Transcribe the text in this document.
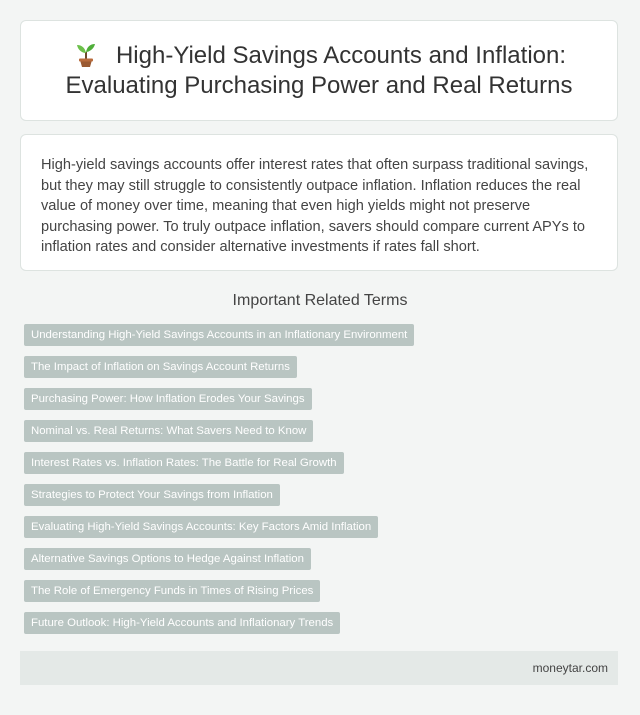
High-Yield Savings Accounts and Inflation: Evaluating Purchasing Power and Real Returns

High-yield savings accounts offer interest rates that often surpass traditional savings, but they may still struggle to consistently outpace inflation. Inflation reduces the real value of money over time, meaning that even high yields might not preserve purchasing power. To truly outpace inflation, savers should compare current APYs to inflation rates and consider alternative investments if rates fall short.

Important Related Terms
Understanding High-Yield Savings Accounts in an Inflationary Environment
The Impact of Inflation on Savings Account Returns
Purchasing Power: How Inflation Erodes Your Savings
Nominal vs. Real Returns: What Savers Need to Know
Interest Rates vs. Inflation Rates: The Battle for Real Growth
Strategies to Protect Your Savings from Inflation
Evaluating High-Yield Savings Accounts: Key Factors Amid Inflation
Alternative Savings Options to Hedge Against Inflation
The Role of Emergency Funds in Times of Rising Prices
Future Outlook: High-Yield Accounts and Inflationary Trends
moneytar.com
